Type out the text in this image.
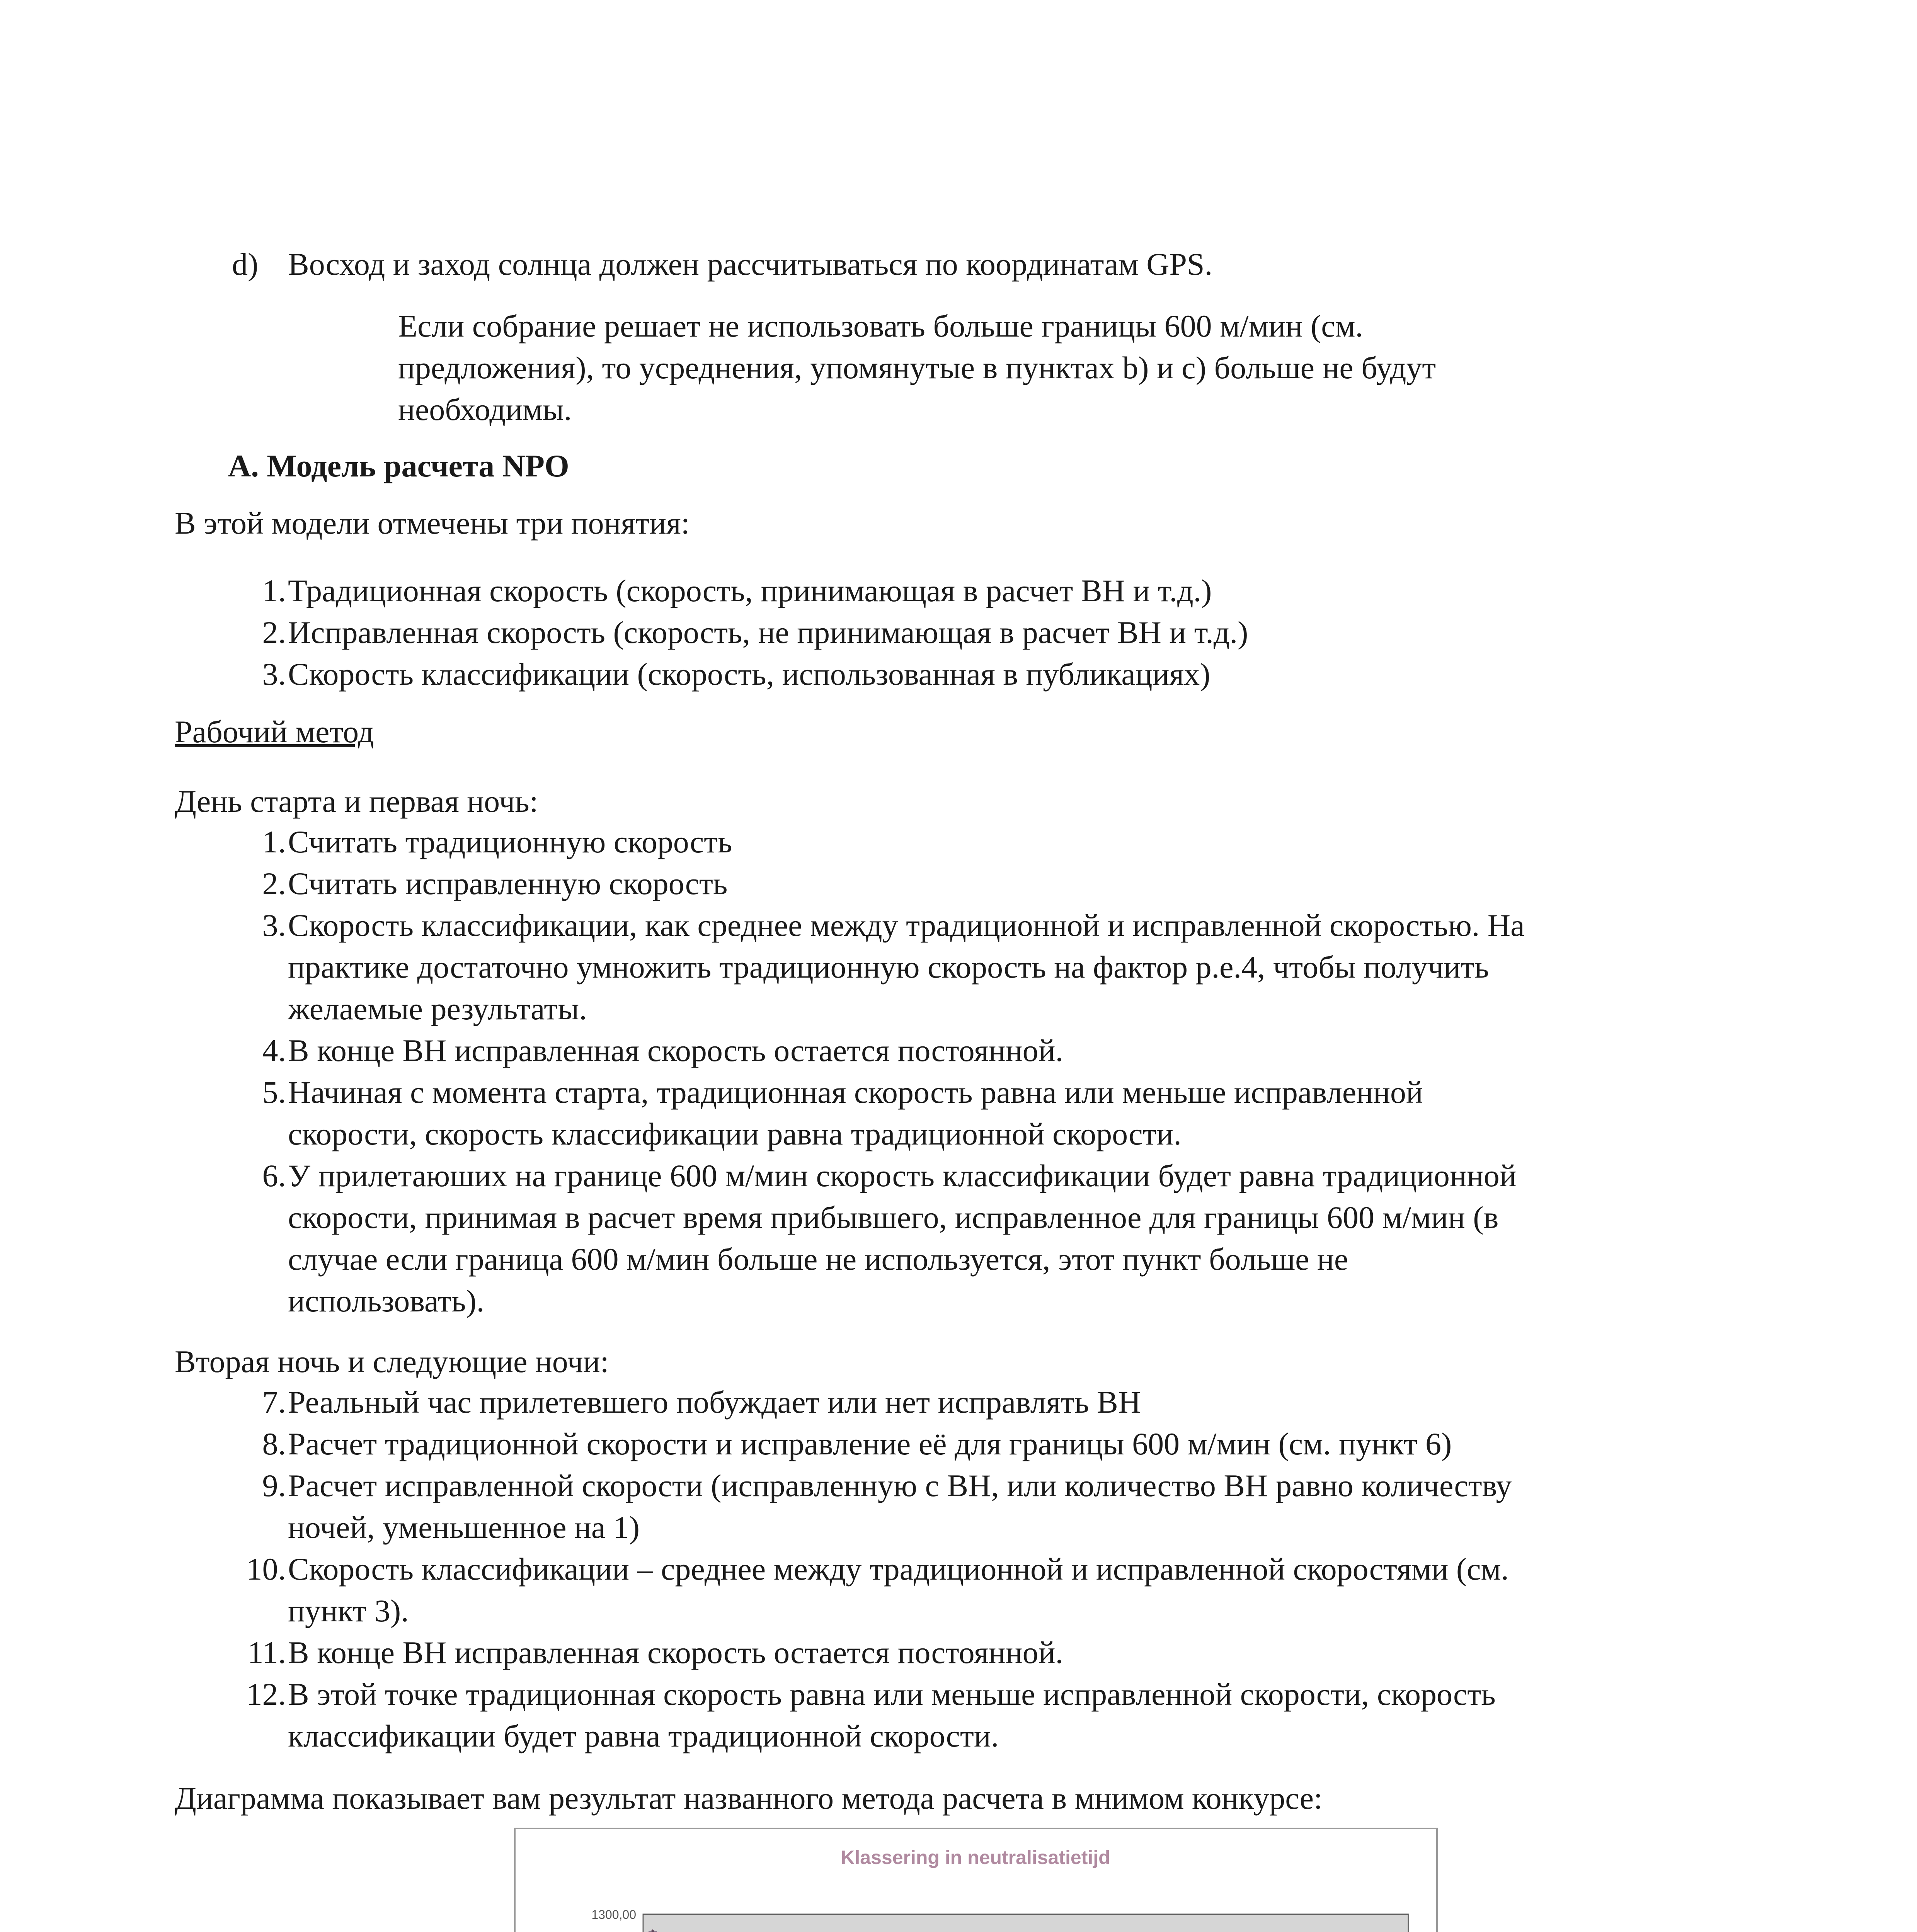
d) Восход и заход солнца должен рассчитываться по координатам GPS.
Если собрание решает не использовать больше границы 600 м/мин (см.
предложения), то усреднения, упомянутые в пунктах b) и c) больше не будут
необходимы.
A. Модель расчета NPO
В этой модели отмечены три понятия:
1. Традиционная скорость (скорость, принимающая в расчет ВН и т.д.)
2. Исправленная скорость (скорость, не принимающая в расчет ВН и т.д.)
3. Скорость классификации (скорость, использованная в публикациях)
Рабочий метод
День старта и первая ночь:
1. Считать традиционную скорость
2. Считать исправленную скорость
3. Скорость классификации, как среднее между традиционной и исправленной скоростью. На
практике достаточно умножить традиционную скорость на фактор p.e.4, чтобы получить
желаемые результаты.
4. В конце ВН исправленная скорость остается постоянной.
5. Начиная с момента старта, традиционная скорость равна или меньше исправленной
скорости, скорость классификации равна традиционной скорости.
6. У прилетаюших на границе 600 м/мин скорость классификации будет равна традиционной
скорости, принимая в расчет время прибывшего, исправленное для границы 600 м/мин (в
случае если граница 600 м/мин больше не используется, этот пункт больше не
использовать).
Вторая ночь и следующие ночи:
7. Реальный час прилетевшего побуждает или нет исправлять ВН
8. Расчет традиционной скорости и исправление её для границы 600 м/мин (см. пункт 6)
9. Расчет исправленной скорости (исправленную с ВН, или количество ВН равно количеству
ночей, уменьшенное на 1)
10. Скорость классификации – среднее между традиционной и исправленной скоростями (см.
пункт 3).
11. В конце ВН исправленная скорость остается постоянной.
12. В этой точке традиционная скорость равна или меньше исправленной скорости, скорость
классификации будет равна традиционной скорости.
Диаграмма показывает вам результат названного метода расчета в мнимом конкурсе:
Klassering in neutralisatietijd
1300,00
